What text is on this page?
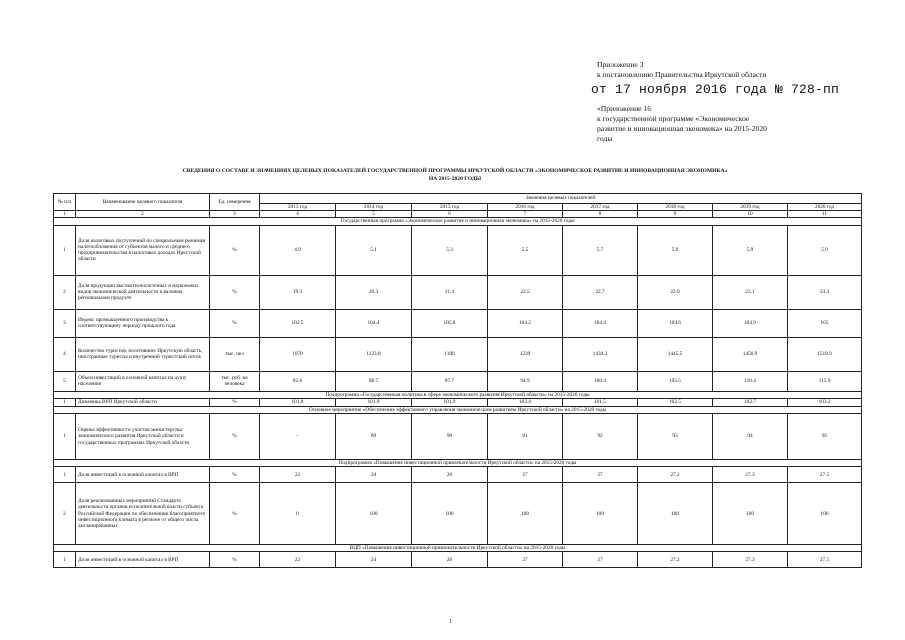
Приложение 3
к постановлению Правительства Иркутской области
от 17 ноября 2016 года № 728-пп
«Приложение 16
к государственной программе «Экономическое
развитие и инновационная экономика» на 2015-2020
годы
СВЕДЕНИЯ О СОСТАВЕ И ЗНАЧЕНИЯХ ЦЕЛЕВЫХ ПОКАЗАТЕЛЕЙ ГОСУДАРСТВЕННОЙ ПРОГРАММЫ ИРКУТСКОЙ ОБЛАСТИ «ЭКОНОМИЧЕСКОЕ РАЗВИТИЕ И ИННОВАЦИОННАЯ ЭКОНОМИКА»
НА 2015-2020 ГОДЫ
№ п/п	Наименование целевого показателя	Ед. измерения	Значения целевых показателей							
			2013 год	2014 год	2015 год	2016 год	2017 год	2018 год	2019 год	2020 год
1	2	3	4	5	6	7	8	9	10	11
Государственная программа «Экономическое развитие и инновационная экономика» на 2015-2020 годы										
1	Доля налоговых поступлений по специальным режимам налогообложения от субъектов малого и среднего предпринимательства в налоговых доходах Иркутской области	%	4.9	5.1	5.3	5.5	5.7	5.9	5.9	5.9
2	Доля продукции высокотехнологичных и наукоемких видов экономической деятельности в валовом региональном продукте	%	19.3	20.3	21.4	22.5	22.7	22.9	23.1	23.3
3	Индекс промышленного производства к соответствующему периоду прошлого года	%	102.5	104.4	105.8	104.2	104.4	104.6	104.9	105
4	Количество туристов, посетивших Иркутскую область, иностранные туристы и внутренний туристский поток	тыс. чел	1070	1123.8	1180	1239	1434.2	1445.5	1456.9	1518.9
5	Объем инвестиций в основной капитал на душу населения	тыс. руб. на человека	82.6	88.7	87.7	94.9	100.4	105.5	110.4	115.9
Подпрограмма «Государственная политика в сфере экономического развития Иркутской области» на 2015-2020 годы										
1	Динамика ВРП Иркутской области	%	101.8	101.9	101.9	103.4	101.5	102.5	102.7	103.2
Основное мероприятие «Обеспечение эффективного управления экономическим развитием Иркутской области» на 2015-2020 годы										
1	Оценка эффективности участия министерства экономического развития Иркутской области в государственных программах Иркутской области	%	-	89	90	91	92	93	94	95
Подпрограмма «Повышение инвестиционной привлекательности Иркутской области» на 2015-2020 годы										
1	Доля инвестиций в основной капитал в ВРП	%	22	24	26	27	27	27.2	27.3	27.5
2	Доля реализованных мероприятий Стандарта деятельности органов исполнительной власти субъекта Российской Федерации по обеспечению благоприятного инвестиционного климата в регионе от общего числа запланированных	%	0	100	100	100	100	100	100	100
ВЦП «Повышение инвестиционной привлекательности Иркутской области» на 2015-2020 годы										
1	Доля инвестиций в основной капитал в ВРП	%	22	24	26	27	27	27.2	27.3	27.5
1
